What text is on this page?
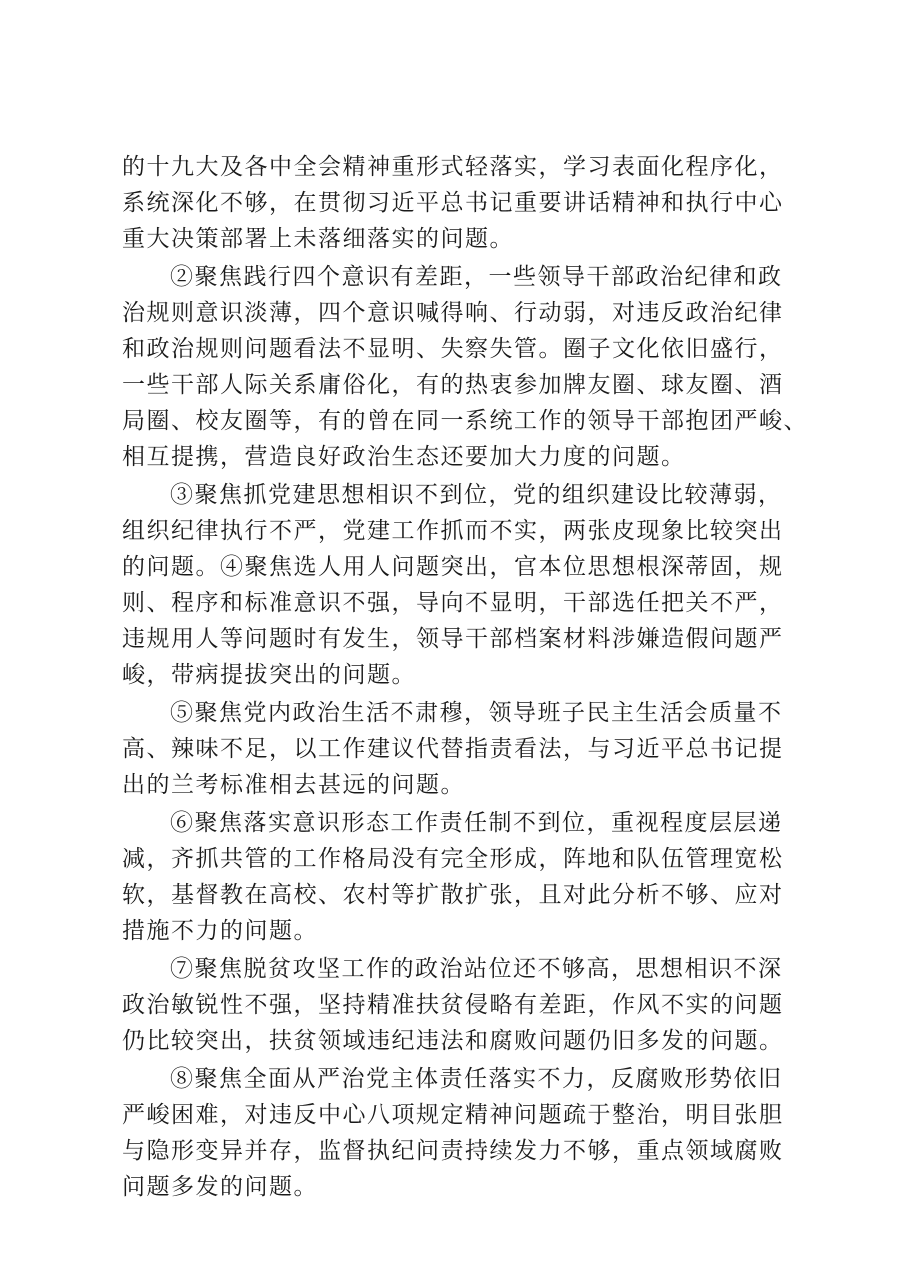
的十九大及各中全会精神重形式轻落实，学习表面化程序化，
系统深化不够，在贯彻习近平总书记重要讲话精神和执行中心
重大决策部署上未落细落实的问题。
②聚焦践行四个意识有差距，一些领导干部政治纪律和政
治规则意识淡薄，四个意识喊得响、行动弱，对违反政治纪律
和政治规则问题看法不显明、失察失管。圈子文化依旧盛行，
一些干部人际关系庸俗化，有的热衷参加牌友圈、球友圈、酒
局圈、校友圈等，有的曾在同一系统工作的领导干部抱团严峻、
相互提携，营造良好政治生态还要加大力度的问题。
③聚焦抓党建思想相识不到位，党的组织建设比较薄弱，
组织纪律执行不严，党建工作抓而不实，两张皮现象比较突出
的问题。④聚焦选人用人问题突出，官本位思想根深蒂固，规
则、程序和标准意识不强，导向不显明，干部选任把关不严，
违规用人等问题时有发生，领导干部档案材料涉嫌造假问题严
峻，带病提拔突出的问题。
⑤聚焦党内政治生活不肃穆，领导班子民主生活会质量不
高、辣味不足，以工作建议代替指责看法，与习近平总书记提
出的兰考标准相去甚远的问题。
⑥聚焦落实意识形态工作责任制不到位，重视程度层层递
减，齐抓共管的工作格局没有完全形成，阵地和队伍管理宽松
软，基督教在高校、农村等扩散扩张，且对此分析不够、应对
措施不力的问题。
⑦聚焦脱贫攻坚工作的政治站位还不够高，思想相识不深
政治敏锐性不强，坚持精准扶贫侵略有差距，作风不实的问题
仍比较突出，扶贫领域违纪违法和腐败问题仍旧多发的问题。
⑧聚焦全面从严治党主体责任落实不力，反腐败形势依旧
严峻困难，对违反中心八项规定精神问题疏于整治，明目张胆
与隐形变异并存，监督执纪问责持续发力不够，重点领域腐败
问题多发的问题。
